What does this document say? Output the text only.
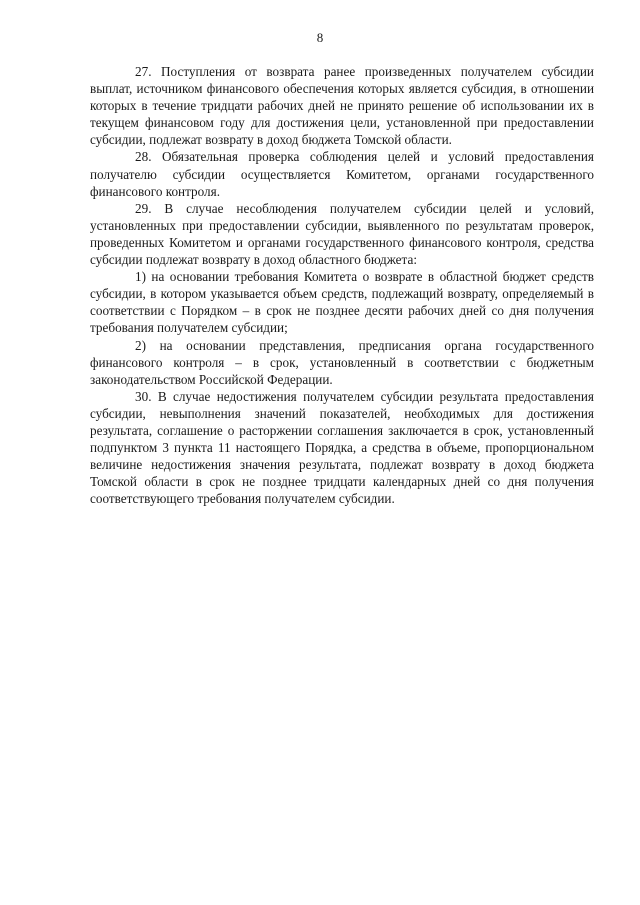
8

27. Поступления от возврата ранее произведенных получателем субсидии выплат, источником финансового обеспечения которых является субсидия, в отношении которых в течение тридцати рабочих дней не принято решение об использовании их в текущем финансовом году для достижения цели, установленной при предоставлении субсидии, подлежат возврату в доход бюджета Томской области.

28. Обязательная проверка соблюдения целей и условий предоставления получателю субсидии осуществляется Комитетом, органами государственного финансового контроля.

29. В случае несоблюдения получателем субсидии целей и условий, установленных при предоставлении субсидии, выявленного по результатам проверок, проведенных Комитетом и органами государственного финансового контроля, средства субсидии подлежат возврату в доход областного бюджета:

1) на основании требования Комитета о возврате в областной бюджет средств субсидии, в котором указывается объем средств, подлежащий возврату, определяемый в соответствии с Порядком – в срок не позднее десяти рабочих дней со дня получения требования получателем субсидии;

2) на основании представления, предписания органа государственного финансового контроля – в срок, установленный в соответствии с бюджетным законодательством Российской Федерации.

30. В случае недостижения получателем субсидии результата предоставления субсидии, невыполнения значений показателей, необходимых для достижения результата, соглашение о расторжении соглашения заключается в срок, установленный подпунктом 3 пункта 11 настоящего Порядка, а средства в объеме, пропорциональном величине недостижения значения результата, подлежат возврату в доход бюджета Томской области в срок не позднее тридцати календарных дней со дня получения соответствующего требования получателем субсидии.
